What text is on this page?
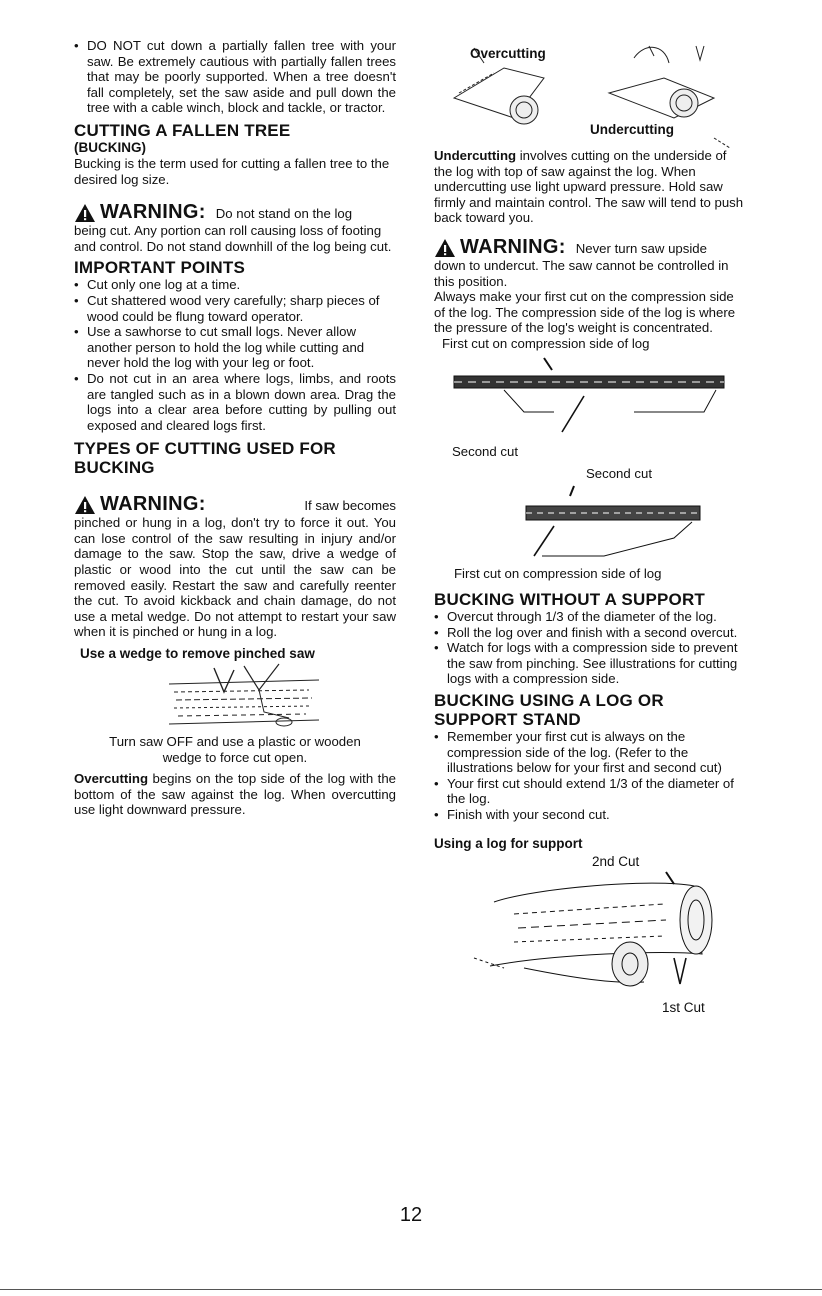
• DO NOT cut down a partially fallen tree with your saw. Be extremely cautious with partially fallen trees that may be poorly supported. When a tree doesn't fall completely, set the saw aside and pull down the tree with a cable winch, block and tackle, or tractor.
CUTTING A FALLEN TREE
(BUCKING)

Bucking is the term used for cutting a fallen tree to the desired log size.

WARNING: Do not stand on the log

being cut. Any portion can roll causing loss of footing and control. Do not stand downhill of the log being cut.

IMPORTANT POINTS
• Cut only one log at a time.
• Cut shattered wood very carefully; sharp pieces of wood could be flung toward operator.
• Use a sawhorse to cut small logs. Never allow another person to hold the log while cutting and never hold the log with your leg or foot.
• Do not cut in an area where logs, limbs, and roots are tangled such as in a blown down area. Drag the logs into a clear area before cutting by pulling out exposed and cleared logs first.
TYPES OF CUTTING USED FOR BUCKING
WARNING:	If saw becomes

pinched or hung in a log, don't try to force it out. You can lose control of the saw resulting in injury and/or damage to the saw. Stop the saw, drive a wedge of plastic or wood into the cut until the saw can be removed easily. Restart the saw and carefully reenter the cut. To avoid kickback and chain damage, do not use a metal wedge. Do not attempt to restart your saw when it is pinched or hung in a log.

Use a wedge to remove pinched saw

Turn saw OFF and use a plastic or wooden wedge to force cut open.

Overcutting begins on the top side of the log with the bottom of the saw against the log. When overcutting use light downward pressure.

Overcutting
Undercutting

Undercutting involves cutting on the underside of the log with top of saw against the log. When undercutting use light upward pressure. Hold saw firmly and maintain control. The saw will tend to push back toward you.

WARNING: Never turn saw upside

down to undercut. The saw cannot be controlled in this position.

Always make your first cut on the compression side of the log. The compression side of the log is where the pressure of the log's weight is concentrated.

First cut on compression side of log
Second cut
Second cut
First cut on compression side of log
BUCKING WITHOUT A SUPPORT
• Overcut through 1/3 of the diameter of the log.
• Roll the log over and finish with a second overcut.
• Watch for logs with a compression side to prevent the saw from pinching. See illustrations for cutting logs with a compression side.
BUCKING USING A LOG OR SUPPORT STAND
• Remember your first cut is always on the compression side of the log. (Refer to the illustrations below for your first and second cut)
• Your first cut should extend 1/3 of the diameter of the log.
• Finish with your second cut.
Using a log for support
2nd Cut
1st Cut
12
